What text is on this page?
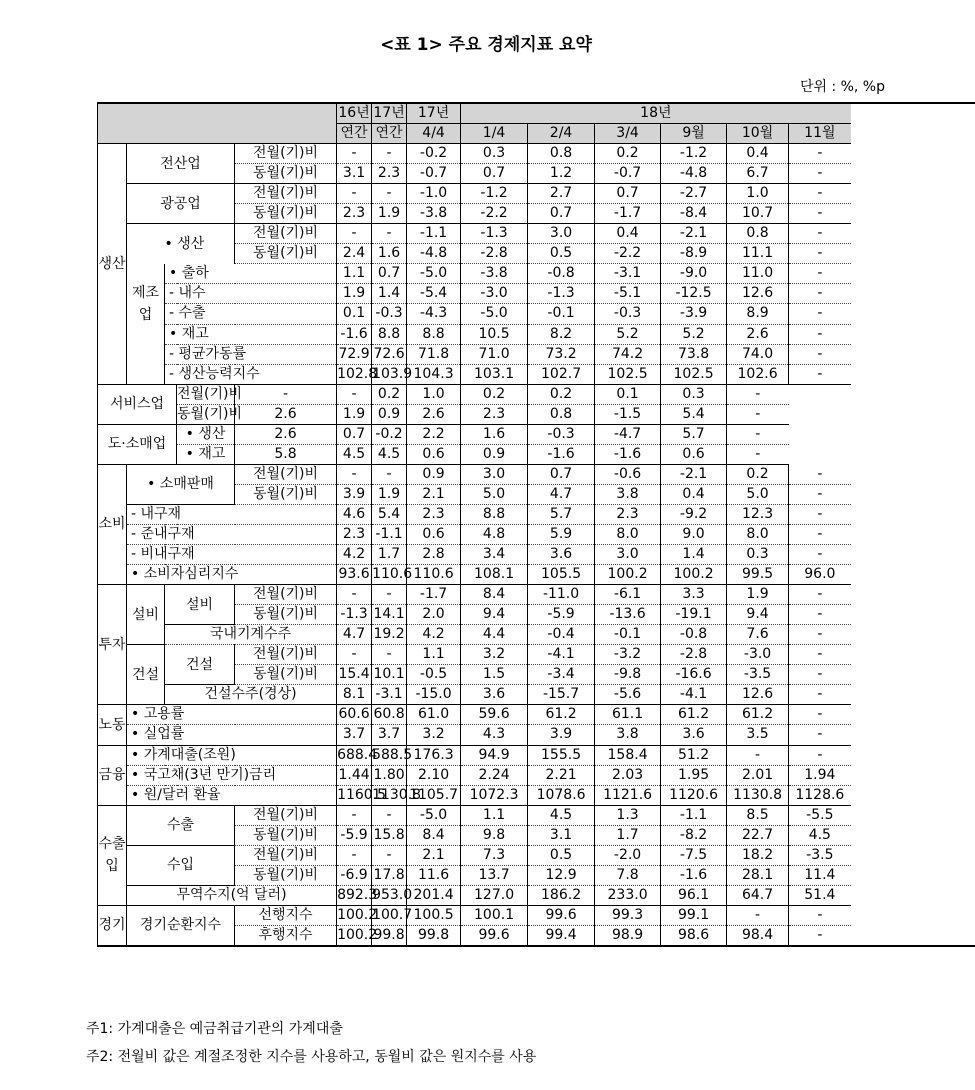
<표 1> 주요 경제지표 요약
단위 : %, %p
					16년	17년	17년	18년					
					연간	연간	4/4	1/4	2/4	3/4	9월	10월	11월
생산	전산업			전월(기)비	-	-	-0.2	0.3	0.8	0.2	-1.2	0.4	-
				동월(기)비	3.1	2.3	-0.7	0.7	1.2	-0.7	-4.8	6.7	-
	광공업			전월(기)비	-	-	-1.0	-1.2	2.7	0.7	-2.7	1.0	-
				동월(기)비	2.3	1.9	-3.8	-2.2	0.7	-1.7	-8.4	10.7	-
	제조업	• 생산		전월(기)비	-	-	-1.1	-1.3	3.0	0.4	-2.1	0.8	-
				동월(기)비	2.4	1.6	-4.8	-2.8	0.5	-2.2	-8.9	11.1	-
		• 출하			1.1	0.7	-5.0	-3.8	-0.8	-3.1	-9.0	11.0	-
		- 내수			1.9	1.4	-5.4	-3.0	-1.3	-5.1	-12.5	12.6	-
		- 수출			0.1	-0.3	-4.3	-5.0	-0.1	-0.3	-3.9	8.9	-
		• 재고			-1.6	8.8	8.8	10.5	8.2	5.2	5.2	2.6	-
		- 평균가동률			72.9	72.6	71.8	71.0	73.2	74.2	73.8	74.0	-
		- 생산능력지수			102.8	103.9	104.3	103.1	102.7	102.5	102.5	102.6	-
서비스업			전월(기)비	-	-	0.2	1.0	0.2	0.2	0.1	0.3	-	
			동월(기)비	2.6	1.9	0.9	2.6	2.3	0.8	-1.5	5.4	-	
도·소매업			• 생산	2.6	0.7	-0.2	2.2	1.6	-0.3	-4.7	5.7	-	
			• 재고	5.8	4.5	4.5	0.6	0.9	-1.6	-1.6	0.6	-	
소비	• 소매판매			전월(기)비	-	-	0.9	3.0	0.7	-0.6	-2.1	0.2	-
				동월(기)비	3.9	1.9	2.1	5.0	4.7	3.8	0.4	5.0	-
	- 내구재				4.6	5.4	2.3	8.8	5.7	2.3	-9.2	12.3	-
	- 준내구재				2.3	-1.1	0.6	4.8	5.9	8.0	9.0	8.0	-
	- 비내구재				4.2	1.7	2.8	3.4	3.6	3.0	1.4	0.3	-
	• 소비자심리지수				93.6	110.6	110.6	108.1	105.5	100.2	100.2	99.5	96.0
투자	설비	설비		전월(기)비	-	-	-1.7	8.4	-11.0	-6.1	3.3	1.9	-
				동월(기)비	-1.3	14.1	2.0	9.4	-5.9	-13.6	-19.1	9.4	-
		국내기계수주			4.7	19.2	4.2	4.4	-0.4	-0.1	-0.8	7.6	-
	건설	건설		전월(기)비	-	-	1.1	3.2	-4.1	-3.2	-2.8	-3.0	-
				동월(기)비	15.4	10.1	-0.5	1.5	-3.4	-9.8	-16.6	-3.5	-
		건설수주(경상)			8.1	-3.1	-15.0	3.6	-15.7	-5.6	-4.1	12.6	-
노동	• 고용률				60.6	60.8	61.0	59.6	61.2	61.1	61.2	61.2	-
	• 실업률				3.7	3.7	3.2	4.3	3.9	3.8	3.6	3.5	-
금융	• 가계대출(조원)				688.4	588.5	176.3	94.9	155.5	158.4	51.2	-	-
	• 국고채(3년 만기)금리				1.44	1.80	2.10	2.24	2.21	2.03	1.95	2.01	1.94
	• 원/달러 환율				1160.5	1130.8	1105.7	1072.3	1078.6	1121.6	1120.6	1130.8	1128.6
수출입	수출			전월(기)비	-	-	-5.0	1.1	4.5	1.3	-1.1	8.5	-5.5
				동월(기)비	-5.9	15.8	8.4	9.8	3.1	1.7	-8.2	22.7	4.5
	수입			전월(기)비	-	-	2.1	7.3	0.5	-2.0	-7.5	18.2	-3.5
				동월(기)비	-6.9	17.8	11.6	13.7	12.9	7.8	-1.6	28.1	11.4
	무역수지(억 달러)				892.3	953.0	201.4	127.0	186.2	233.0	96.1	64.7	51.4
경기	경기순환지수			선행지수	100.2	100.7	100.5	100.1	99.6	99.3	99.1	-	-
				후행지수	100.2	99.8	99.8	99.6	99.4	98.9	98.6	98.4	-
주1: 가계대출은 예금취급기관의 가계대출
주2: 전월비 값은 계절조정한 지수를 사용하고, 동월비 값은 원지수를 사용
